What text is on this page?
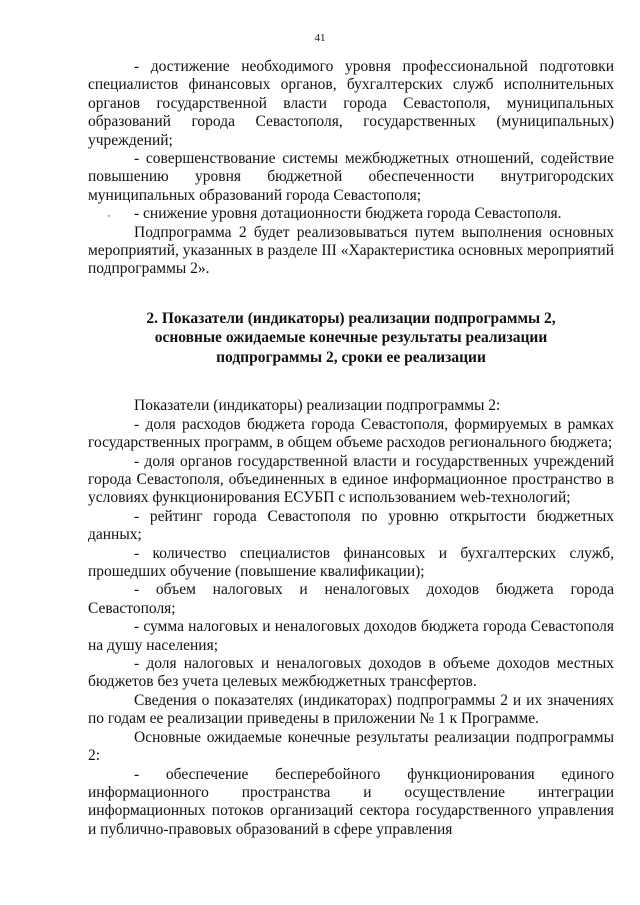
41
'

- достижение необходимого уровня профессиональной подготовки специалистов финансовых органов, бухгалтерских служб исполнительных органов государственной власти города Севастополя, муниципальных образований города Севастополя, государственных (муниципальных) учреждений;

- совершенствование системы межбюджетных отношений, содействие повышению уровня бюджетной обеспеченности внутригородских муниципальных образований города Севастополя;

- снижение уровня дотационности бюджета города Севастополя.

Подпрограмма 2 будет реализовываться путем выполнения основных мероприятий, указанных в разделе III «Характеристика основных мероприятий подпрограммы 2».

2. Показатели (индикаторы) реализации подпрограммы 2,
основные ожидаемые конечные результаты реализации
подпрограммы 2, сроки ее реализации

Показатели (индикаторы) реализации подпрограммы 2:

- доля расходов бюджета города Севастополя, формируемых в рамках государственных программ, в общем объеме расходов регионального бюджета;

- доля органов государственной власти и государственных учреждений города Севастополя, объединенных в единое информационное пространство в условиях функционирования ЕСУБП с использованием web-технологий;

- рейтинг города Севастополя по уровню открытости бюджетных данных;

- количество специалистов финансовых и бухгалтерских служб, прошедших обучение (повышение квалификации);

- объем налоговых и неналоговых доходов бюджета города Севастополя;

- сумма налоговых и неналоговых доходов бюджета города Севастополя на душу населения;

- доля налоговых и неналоговых доходов в объеме доходов местных бюджетов без учета целевых межбюджетных трансфертов.

Сведения о показателях (индикаторах) подпрограммы 2 и их значениях по годам ее реализации приведены в приложении № 1 к Программе.

Основные ожидаемые конечные результаты реализации подпрограммы 2:

- обеспечение бесперебойного функционирования единого информационного пространства и осуществление интеграции информационных потоков организаций сектора государственного управления и публично-правовых образований в сфере управления
